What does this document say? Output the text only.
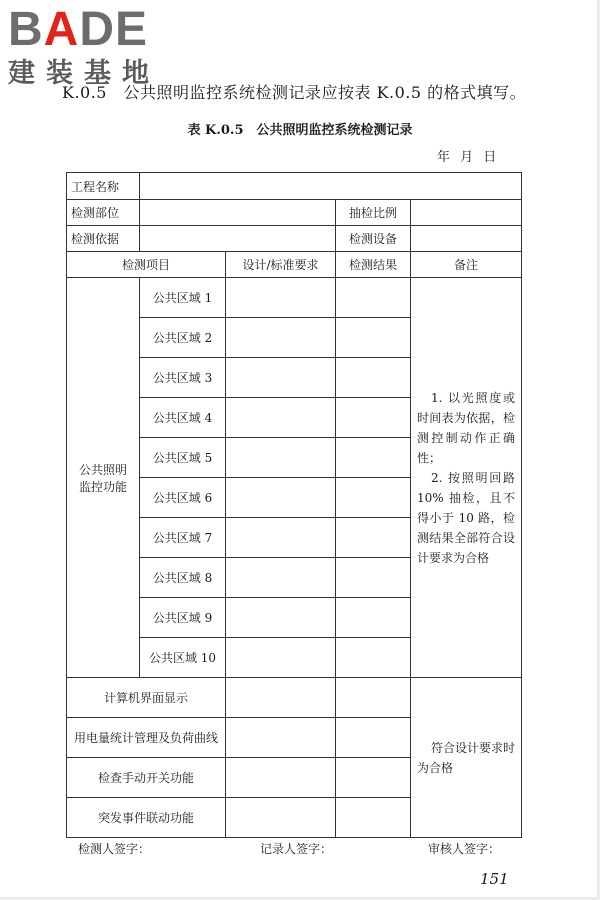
BADE
建装基地
K.0.5　公共照明监控系统检测记录应按表 K.0.5 的格式填写。
表 K.0.5　公共照明监控系统检测记录
年 月 日
工程名称				
检测部位			抽检比例	
检测依据			检测设备	
检测项目		设计/标准要求	检测结果	备注
公共照明监控功能	公共区域 1			1. 以光照度或时间表为依据，检测控制动作正确性；

2. 按照明回路 10% 抽检，且不得小于 10 路，检测结果全部符合设计要求为合格

	公共区域 2			
	公共区域 3			
	公共区域 4			
	公共区域 5			
	公共区域 6			
	公共区域 7			
	公共区域 8			
	公共区域 9			
	公共区域 10			
计算机界面显示				符合设计要求时为合格

用电量统计管理及负荷曲线				
检查手动开关功能				
突发事件联动功能				
检测人签字：	记录人签字：	审核人签字：
151
